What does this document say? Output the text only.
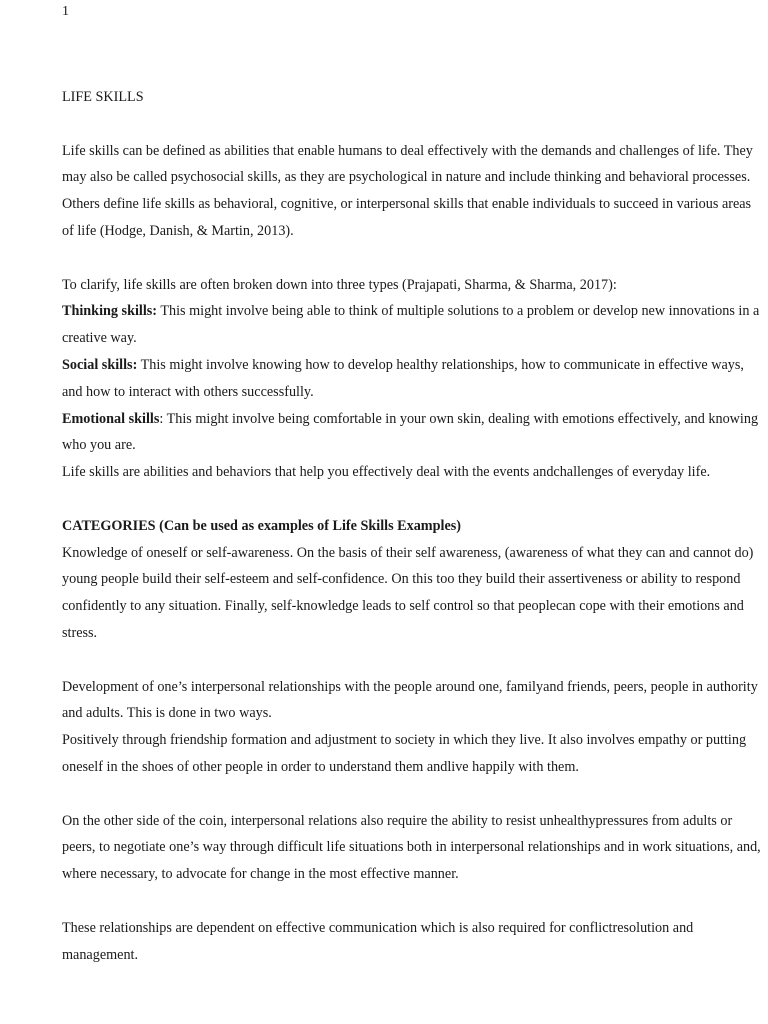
1

LIFE SKILLS

Life skills can be defined as abilities that enable humans to deal effectively with the demands and challenges of life. They may also be called psychosocial skills, as they are psychological in nature and include thinking and behavioral processes. Others define life skills as behavioral, cognitive, or interpersonal skills that enable individuals to succeed in various areas of life (Hodge, Danish, & Martin, 2013).

To clarify, life skills are often broken down into three types (Prajapati, Sharma, & Sharma, 2017):

Thinking skills: This might involve being able to think of multiple solutions to a problem or develop new innovations in a creative way.

Social skills: This might involve knowing how to develop healthy relationships, how to communicate in effective ways, and how to interact with others successfully.

Emotional skills: This might involve being comfortable in your own skin, dealing with emotions effectively, and knowing who you are.

Life skills are abilities and behaviors that help you effectively deal with the events andchallenges of everyday life.

CATEGORIES (Can be used as examples of Life Skills Examples)

Knowledge of oneself or self-awareness. On the basis of their self awareness, (awareness of what they can and cannot do) young people build their self-esteem and self-confidence. On this too they build their assertiveness or ability to respond confidently to any situation. Finally, self-knowledge leads to self control so that peoplecan cope with their emotions and stress.

Development of one’s interpersonal relationships with the people around one, familyand friends, peers, people in authority and adults. This is done in two ways.

Positively through friendship formation and adjustment to society in which they live. It also involves empathy or putting oneself in the shoes of other people in order to understand them andlive happily with them.

On the other side of the coin, interpersonal relations also require the ability to resist unhealthypressures from adults or peers, to negotiate one’s way through difficult life situations both in interpersonal relationships and in work situations, and, where necessary, to advocate for change in the most effective manner.

These relationships are dependent on effective communication which is also required for conflictresolution and management.
